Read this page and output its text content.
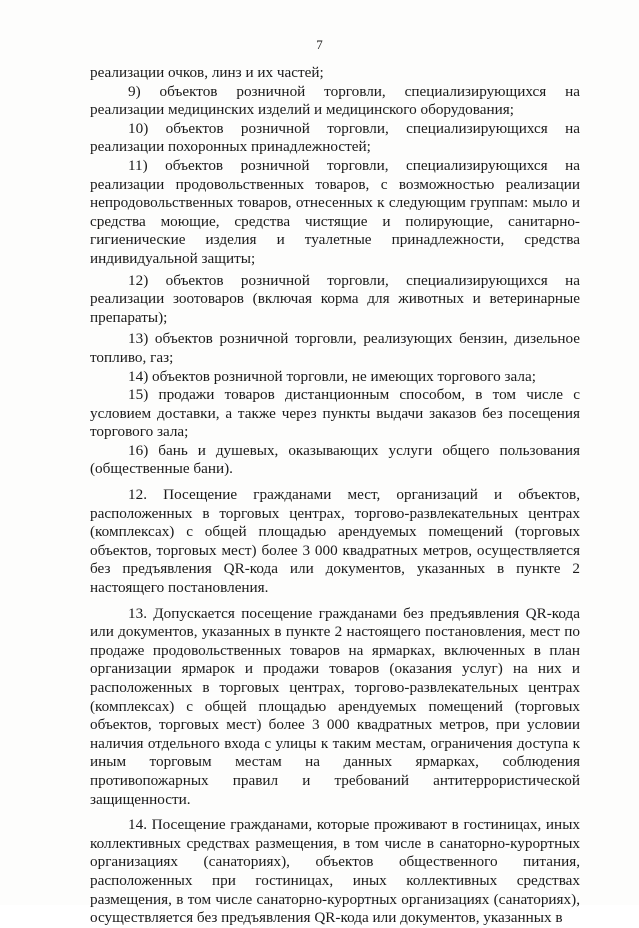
7

реализации очков, линз и их частей;

9) объектов розничной торговли, специализирующихся на реализации медицинских изделий и медицинского оборудования;

10) объектов розничной торговли, специализирующихся на реализации похоронных принадлежностей;

11) объектов розничной торговли, специализирующихся на реализации продовольственных товаров, с возможностью реализации непродовольственных товаров, отнесенных к следующим группам: мыло и средства моющие, средства чистящие и полирующие, санитарно-гигиенические изделия и туалетные принадлежности, средства индивидуальной защиты;

12) объектов розничной торговли, специализирующихся на реализации зоотоваров (включая корма для животных и ветеринарные препараты);

13) объектов розничной торговли, реализующих бензин, дизельное топливо, газ;

14) объектов розничной торговли, не имеющих торгового зала;

15) продажи товаров дистанционным способом, в том числе с условием доставки, а также через пункты выдачи заказов без посещения торгового зала;

16) бань и душевых, оказывающих услуги общего пользования (общественные бани).

12. Посещение гражданами мест, организаций и объектов, расположенных в торговых центрах, торгово-развлекательных центрах (комплексах) с общей площадью арендуемых помещений (торговых объектов, торговых мест) более 3 000 квадратных метров, осуществляется без предъявления QR-кода или документов, указанных в пункте 2 настоящего постановления.

13. Допускается посещение гражданами без предъявления QR-кода или документов, указанных в пункте 2 настоящего постановления, мест по продаже продовольственных товаров на ярмарках, включенных в план организации ярмарок и продажи товаров (оказания услуг) на них и расположенных в торговых центрах, торгово-развлекательных центрах (комплексах) с общей площадью арендуемых помещений (торговых объектов, торговых мест) более 3 000 квадратных метров, при условии наличия отдельного входа с улицы к таким местам, ограничения доступа к иным торговым местам на данных ярмарках, соблюдения противопожарных правил и требований антитеррористической защищенности.

14. Посещение гражданами, которые проживают в гостиницах, иных коллективных средствах размещения, в том числе в санаторно-курортных организациях (санаториях), объектов общественного питания, расположенных при гостиницах, иных коллективных средствах размещения, в том числе санаторно-курортных организациях (санаториях), осуществляется без предъявления QR-кода или документов, указанных в
